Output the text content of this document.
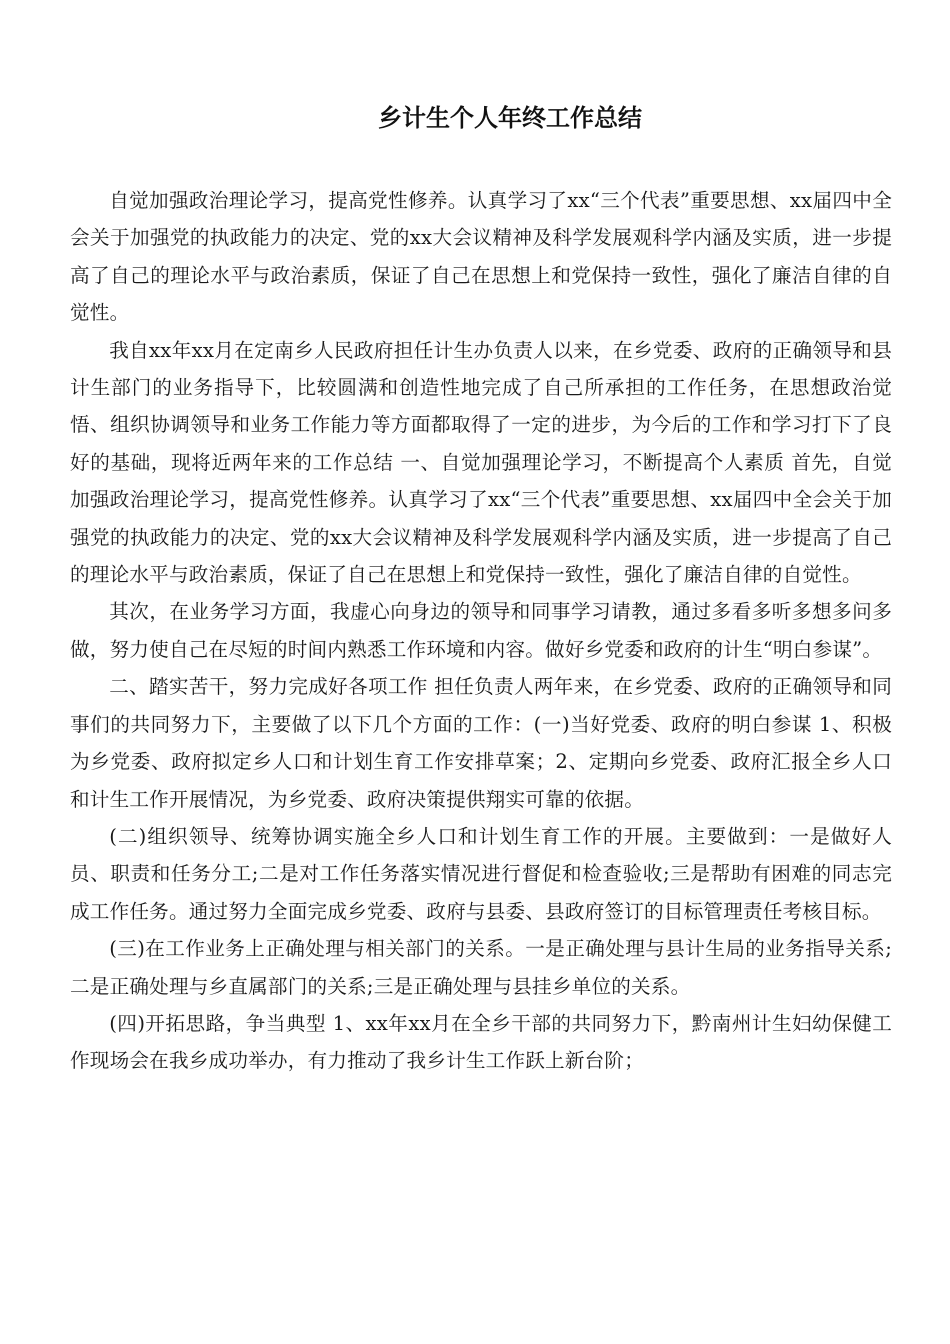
乡计生个人年终工作总结

自觉加强政治理论学习，提高党性修养。认真学习了xx“三个代表”重要思想、xx届四中全会关于加强党的执政能力的决定、党的xx大会议精神及科学发展观科学内涵及实质，进一步提高了自己的理论水平与政治素质，保证了自己在思想上和党保持一致性，强化了廉洁自律的自觉性。

我自xx年xx月在定南乡人民政府担任计生办负责人以来，在乡党委、政府的正确领导和县计生部门的业务指导下，比较圆满和创造性地完成了自己所承担的工作任务，在思想政治觉悟、组织协调领导和业务工作能力等方面都取得了一定的进步，为今后的工作和学习打下了良好的基础，现将近两年来的工作总结 一、自觉加强理论学习，不断提高个人素质 首先，自觉加强政治理论学习，提高党性修养。认真学习了xx“三个代表”重要思想、xx届四中全会关于加强党的执政能力的决定、党的xx大会议精神及科学发展观科学内涵及实质，进一步提高了自己的理论水平与政治素质，保证了自己在思想上和党保持一致性，强化了廉洁自律的自觉性。

其次，在业务学习方面，我虚心向身边的领导和同事学习请教，通过多看多听多想多问多做，努力使自己在尽短的时间内熟悉工作环境和内容。做好乡党委和政府的计生“明白参谋”。

二、踏实苦干，努力完成好各项工作 担任负责人两年来，在乡党委、政府的正确领导和同事们的共同努力下，主要做了以下几个方面的工作：(一)当好党委、政府的明白参谋 1、积极为乡党委、政府拟定乡人口和计划生育工作安排草案；2、定期向乡党委、政府汇报全乡人口和计生工作开展情况，为乡党委、政府决策提供翔实可靠的依据。

(二)组织领导、统筹协调实施全乡人口和计划生育工作的开展。主要做到：一是做好人员、职责和任务分工;二是对工作任务落实情况进行督促和检查验收;三是帮助有困难的同志完成工作任务。通过努力全面完成乡党委、政府与县委、县政府签订的目标管理责任考核目标。

(三)在工作业务上正确处理与相关部门的关系。一是正确处理与县计生局的业务指导关系;二是正确处理与乡直属部门的关系;三是正确处理与县挂乡单位的关系。

(四)开拓思路，争当典型 1、xx年xx月在全乡干部的共同努力下，黔南州计生妇幼保健工作现场会在我乡成功举办，有力推动了我乡计生工作跃上新台阶；
